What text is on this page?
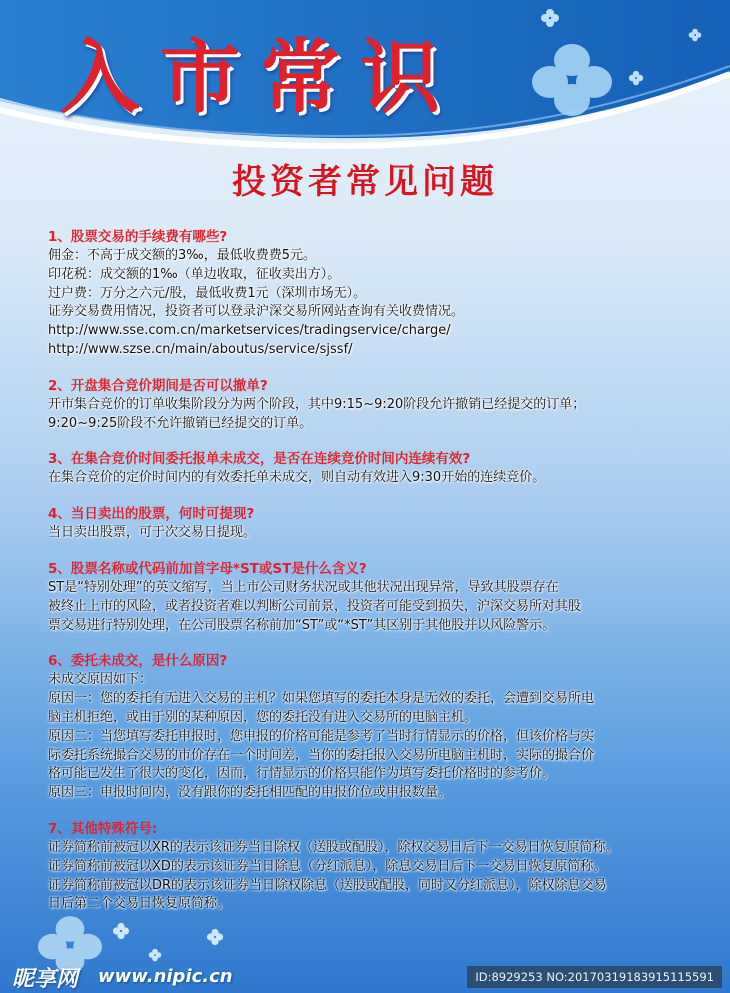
入市常识
投资者常见问题
1、股票交易的手续费有哪些?
佣金：不高于成交额的3‰，最低收费费5元。
印花税：成交额的1‰（单边收取，征收卖出方）。
过户费：万分之六元/股，最低收费1元（深圳市场无）。
证券交易费用情况，投资者可以登录沪深交易所网站查询有关收费情况。
http://www.sse.com.cn/marketservices/tradingservice/charge/
http://www.szse.cn/main/aboutus/service/sjssf/
2、开盘集合竞价期间是否可以撤单?
开市集合竞价的订单收集阶段分为两个阶段，其中9:15~9:20阶段允许撤销已经提交的订单；
9:20~9:25阶段不允许撤销已经提交的订单。
3、在集合竞价时间委托报单未成交，是否在连续竞价时间内连续有效?
在集合竞价的定价时间内的有效委托单未成交，则自动有效进入9:30开始的连续竞价。
4、当日卖出的股票，何时可提现?
当日卖出股票，可于次交易日提现。
5、股票名称或代码前加首字母*ST或ST是什么含义?
ST是“特别处理”的英文缩写，当上市公司财务状况或其他状况出现异常，导致其股票存在
被终止上市的风险，或者投资者难以判断公司前景，投资者可能受到损失，沪深交易所对其股
票交易进行特别处理，在公司股票名称前加“ST”或“*ST”其区别于其他股并以风险警示。
6、委托未成交，是什么原因?
未成交原因如下：
原因一：您的委托有无进入交易的主机？如果您填写的委托本身是无效的委托，会遭到交易所电
脑主机拒绝，或由于别的某种原因，您的委托没有进入交易所的电脑主机。
原因二：当您填写委托申报时，您申报的价格可能是参考了当时行情显示的价格，但该价格与实
际委托系统撮合交易的市价存在一个时间差，当你的委托报入交易所电脑主机时，实际的撮合价
格可能已发生了很大的变化，因而，行情显示的价格只能作为填写委托价格时的参考价。
原因三：申报时间内，没有跟你的委托相匹配的申报价位或申报数量。
7、其他特殊符号:
证券简称前被冠以XR的表示该证券当日除权（送股或配股），除权交易日后下一交易日恢复原简称。
证券简称前被冠以XD的表示该证券当日除息（分红派息），除息交易日后下一交易日恢复原简称。
证券简称前被冠以DR的表示该证券当日除权除息（送股或配股，同时又分红派息），除权除息交易
日后第二个交易日恢复原简称。
昵享网 www.nipic.cn	ID:8929253 NO:20170319183915115591
